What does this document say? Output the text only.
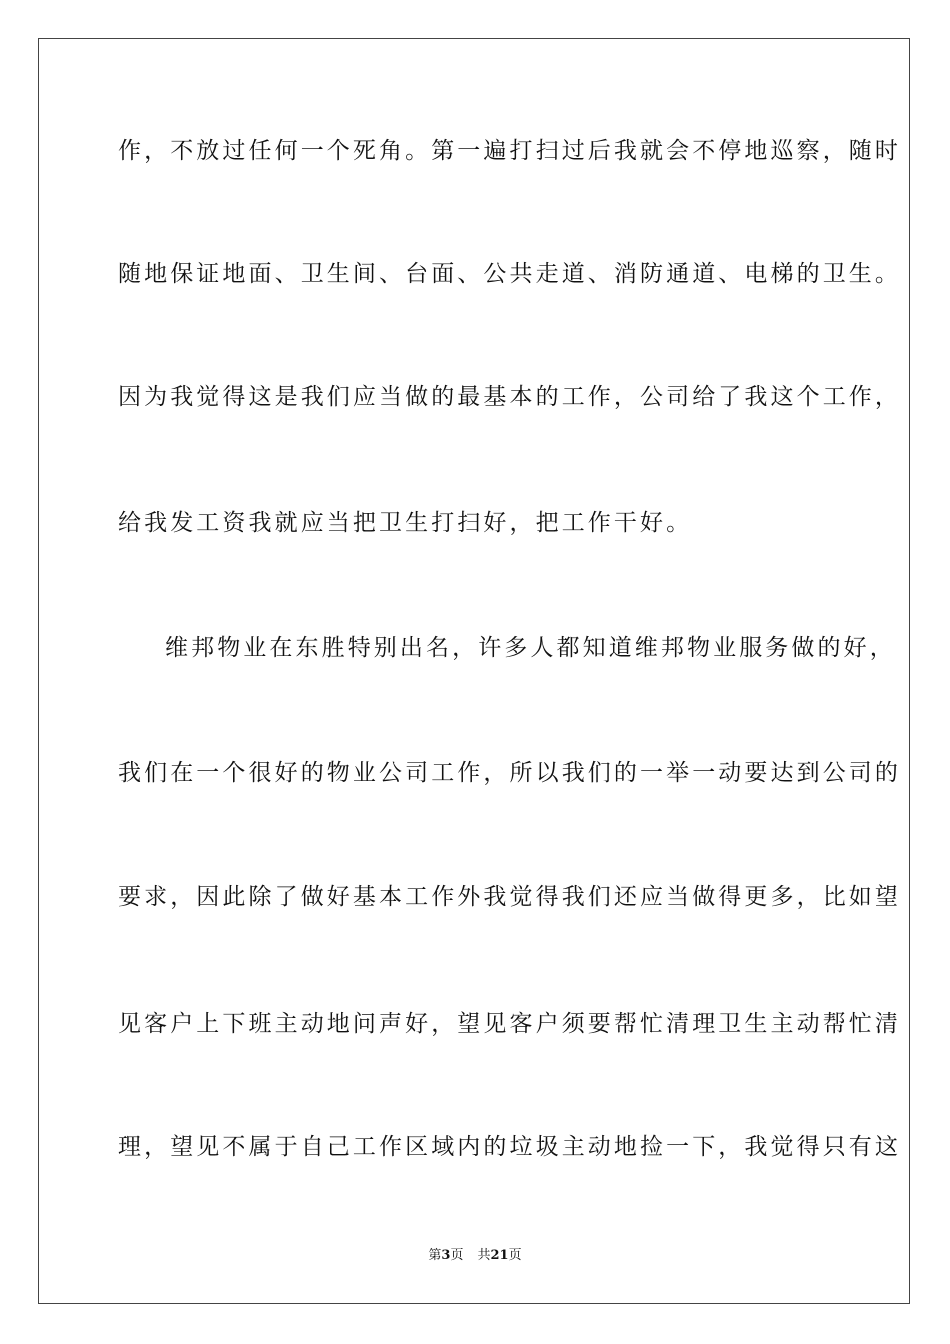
作，不放过任何一个死角。第一遍打扫过后我就会不停地巡察，随时
随地保证地面、卫生间、台面、公共走道、消防通道、电梯的卫生。
因为我觉得这是我们应当做的最基本的工作，公司给了我这个工作，
给我发工资我就应当把卫生打扫好，把工作干好。
维邦物业在东胜特别出名，许多人都知道维邦物业服务做的好，
我们在一个很好的物业公司工作，所以我们的一举一动要达到公司的
要求，因此除了做好基本工作外我觉得我们还应当做得更多，比如望
见客户上下班主动地问声好，望见客户须要帮忙清理卫生主动帮忙清
理，望见不属于自己工作区域内的垃圾主动地捡一下，我觉得只有这
第3页 共21页
